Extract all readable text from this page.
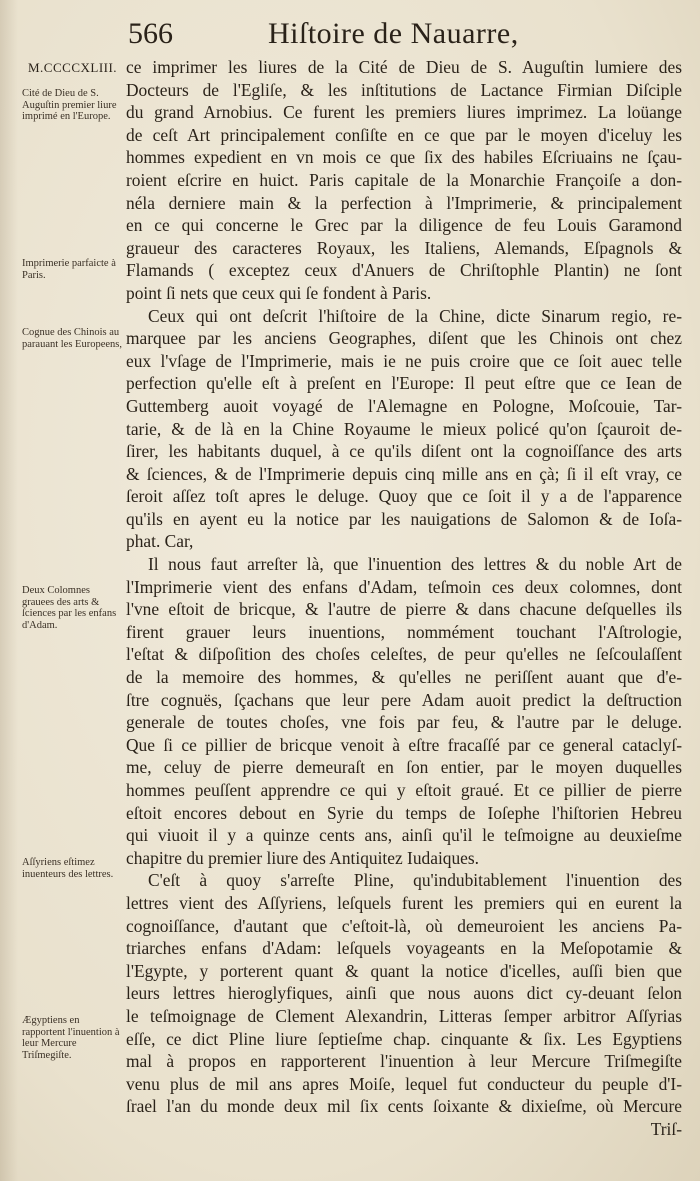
566	Hiſtoire de Nauarre,
M.CCCCXLIII.
Cité de Dieu de S. Auguſtin premier liure imprimé en l'Europe.
Imprimerie parfaicte à Paris.
Cognue des Chinois au parauant les Europeens,
Deux Colomnes grauees des arts & ſciences par les enfans d'Adam.
Aſſyriens eſtimez inuenteurs des lettres.
Ægyptiens en rapportent l'inuention à leur Mercure Triſmegiſte.
ce imprimer les liures de la Cité de Dieu de S. Auguſtin lumiere des
Docteurs de l'Egliſe, & les inſtitutions de Lactance Firmian Diſciple
du grand Arnobius. Ce furent les premiers liures imprimez. La loüange
de ceſt Art principalement conſiſte en ce que par le moyen d'iceluy les
hommes expedient en vn mois ce que ſix des habiles Eſcriuains ne ſçau-
roient eſcrire en huict. Paris capitale de la Monarchie Françoiſe a don-
néla derniere main & la perfection à l'Imprimerie, & principalement
en ce qui concerne le Grec par la diligence de feu Louis Garamond
graueur des caracteres Royaux, les Italiens, Alemands, Eſpagnols &
Flamands ( exceptez ceux d'Anuers de Chriſtophle Plantin) ne ſont
point ſi nets que ceux qui ſe fondent à Paris.
Ceux qui ont deſcrit l'hiſtoire de la Chine, dicte Sinarum regio, re-
marquee par les anciens Geographes, diſent que les Chinois ont chez
eux l'vſage de l'Imprimerie, mais ie ne puis croire que ce ſoit auec telle
perfection qu'elle eſt à preſent en l'Europe: Il peut eſtre que ce Iean de
Guttemberg auoit voyagé de l'Alemagne en Pologne, Moſcouie, Tar-
tarie, & de là en la Chine Royaume le mieux policé qu'on ſçauroit de-
ſirer, les habitants duquel, à ce qu'ils diſent ont la cognoiſſance des arts
& ſciences, & de l'Imprimerie depuis cinq mille ans en çà; ſi il eſt vray, ce
ſeroit aſſez toſt apres le deluge. Quoy que ce ſoit il y a de l'apparence
qu'ils en ayent eu la notice par les nauigations de Salomon & de Ioſa-
phat. Car,
Il nous faut arreſter là, que l'inuention des lettres & du noble Art de
l'Imprimerie vient des enfans d'Adam, teſmoin ces deux colomnes, dont
l'vne eſtoit de bricque, & l'autre de pierre & dans chacune deſquelles ils
firent grauer leurs inuentions, nommément touchant l'Aſtrologie,
l'eſtat & diſpoſition des choſes celeſtes, de peur qu'elles ne ſeſcoulaſſent
de la memoire des hommes, & qu'elles ne periſſent auant que d'e-
ſtre cognuës, ſçachans que leur pere Adam auoit predict la deſtruction
generale de toutes choſes, vne fois par feu, & l'autre par le deluge.
Que ſi ce pillier de bricque venoit à eſtre fracaſſé par ce general cataclyſ-
me, celuy de pierre demeuraſt en ſon entier, par le moyen duquelles
hommes peuſſent apprendre ce qui y eſtoit graué. Et ce pillier de pierre
eſtoit encores debout en Syrie du temps de Ioſephe l'hiſtorien Hebreu
qui viuoit il y a quinze cents ans, ainſi qu'il le teſmoigne au deuxieſme
chapitre du premier liure des Antiquitez Iudaiques.
C'eſt à quoy s'arreſte Pline, qu'indubitablement l'inuention des
lettres vient des Aſſyriens, leſquels furent les premiers qui en eurent la
cognoiſſance, d'autant que c'eſtoit-là, où demeuroient les anciens Pa-
triarches enfans d'Adam: leſquels voyageants en la Meſopotamie &
l'Egypte, y porterent quant & quant la notice d'icelles, auſſi bien que
leurs lettres hieroglyfiques, ainſi que nous auons dict cy-deuant ſelon
le teſmoignage de Clement Alexandrin, Litteras ſemper arbitror Aſſyrias
eſſe, ce dict Pline liure ſeptieſme chap. cinquante & ſix. Les Egyptiens
mal à propos en rapporterent l'inuention à leur Mercure Triſmegiſte
venu plus de mil ans apres Moiſe, lequel fut conducteur du peuple d'I-
ſrael l'an du monde deux mil ſix cents ſoixante & dixieſme, où Mercure
Triſ-
